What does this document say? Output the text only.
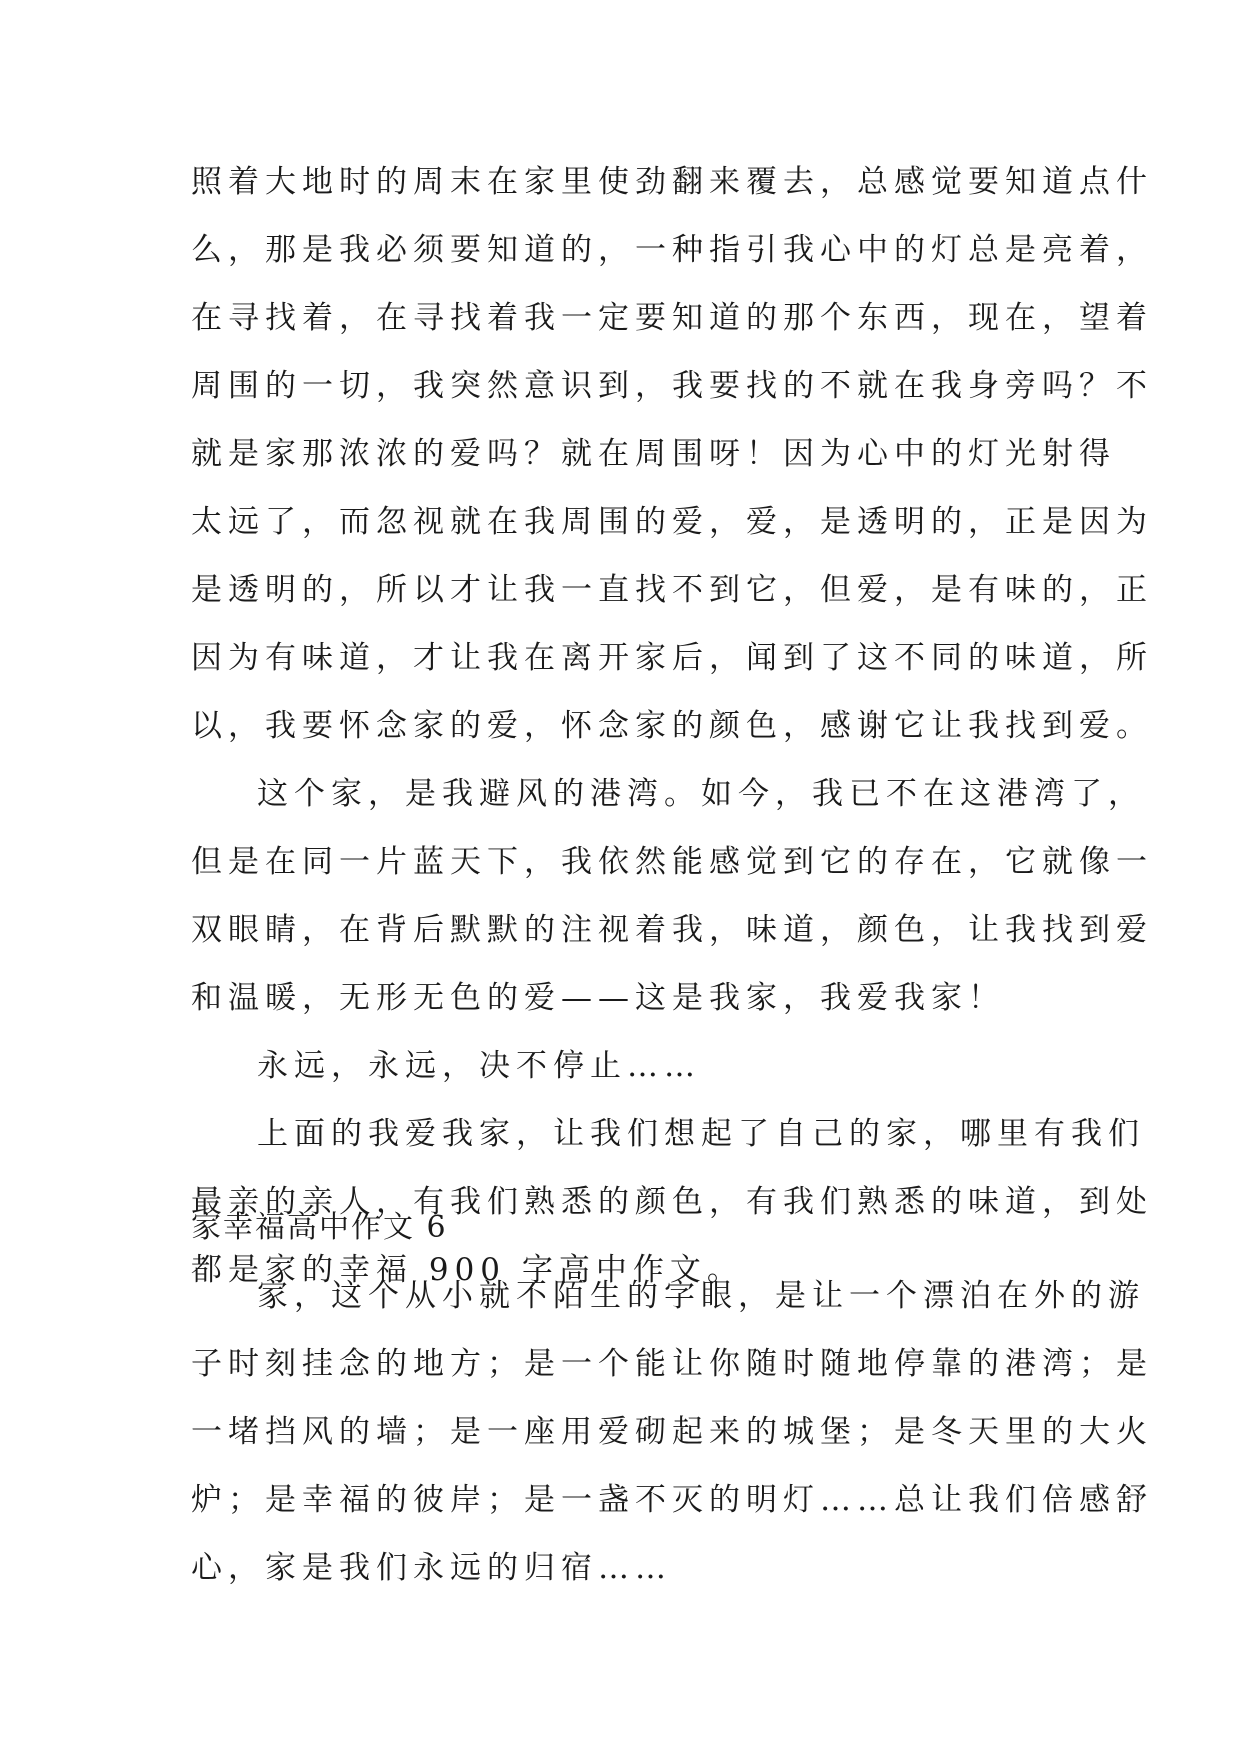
照着大地时的周末在家里使劲翻来覆去，总感觉要知道点什
么，那是我必须要知道的，一种指引我心中的灯总是亮着，
在寻找着，在寻找着我一定要知道的那个东西，现在，望着
周围的一切，我突然意识到，我要找的不就在我身旁吗？不
就是家那浓浓的爱吗？就在周围呀！因为心中的灯光射得
太远了，而忽视就在我周围的爱，爱，是透明的，正是因为
是透明的，所以才让我一直找不到它，但爱，是有味的，正
因为有味道，才让我在离开家后，闻到了这不同的味道，所
以，我要怀念家的爱，怀念家的颜色，感谢它让我找到爱。
这个家，是我避风的港湾。如今，我已不在这港湾了，
但是在同一片蓝天下，我依然能感觉到它的存在，它就像一
双眼睛，在背后默默的注视着我，味道，颜色，让我找到爱
和温暖，无形无色的爱——这是我家，我爱我家！
永远，永远，决不停止……
上面的我爱我家，让我们想起了自己的家，哪里有我们
最亲的亲人，有我们熟悉的颜色，有我们熟悉的味道，到处
都是家的幸福 900 字高中作文。
家幸福高中作文 6
家，这个从小就不陌生的字眼，是让一个漂泊在外的游
子时刻挂念的地方；是一个能让你随时随地停靠的港湾；是
一堵挡风的墙；是一座用爱砌起来的城堡；是冬天里的大火
炉；是幸福的彼岸；是一盏不灭的明灯……总让我们倍感舒
心，家是我们永远的归宿……
